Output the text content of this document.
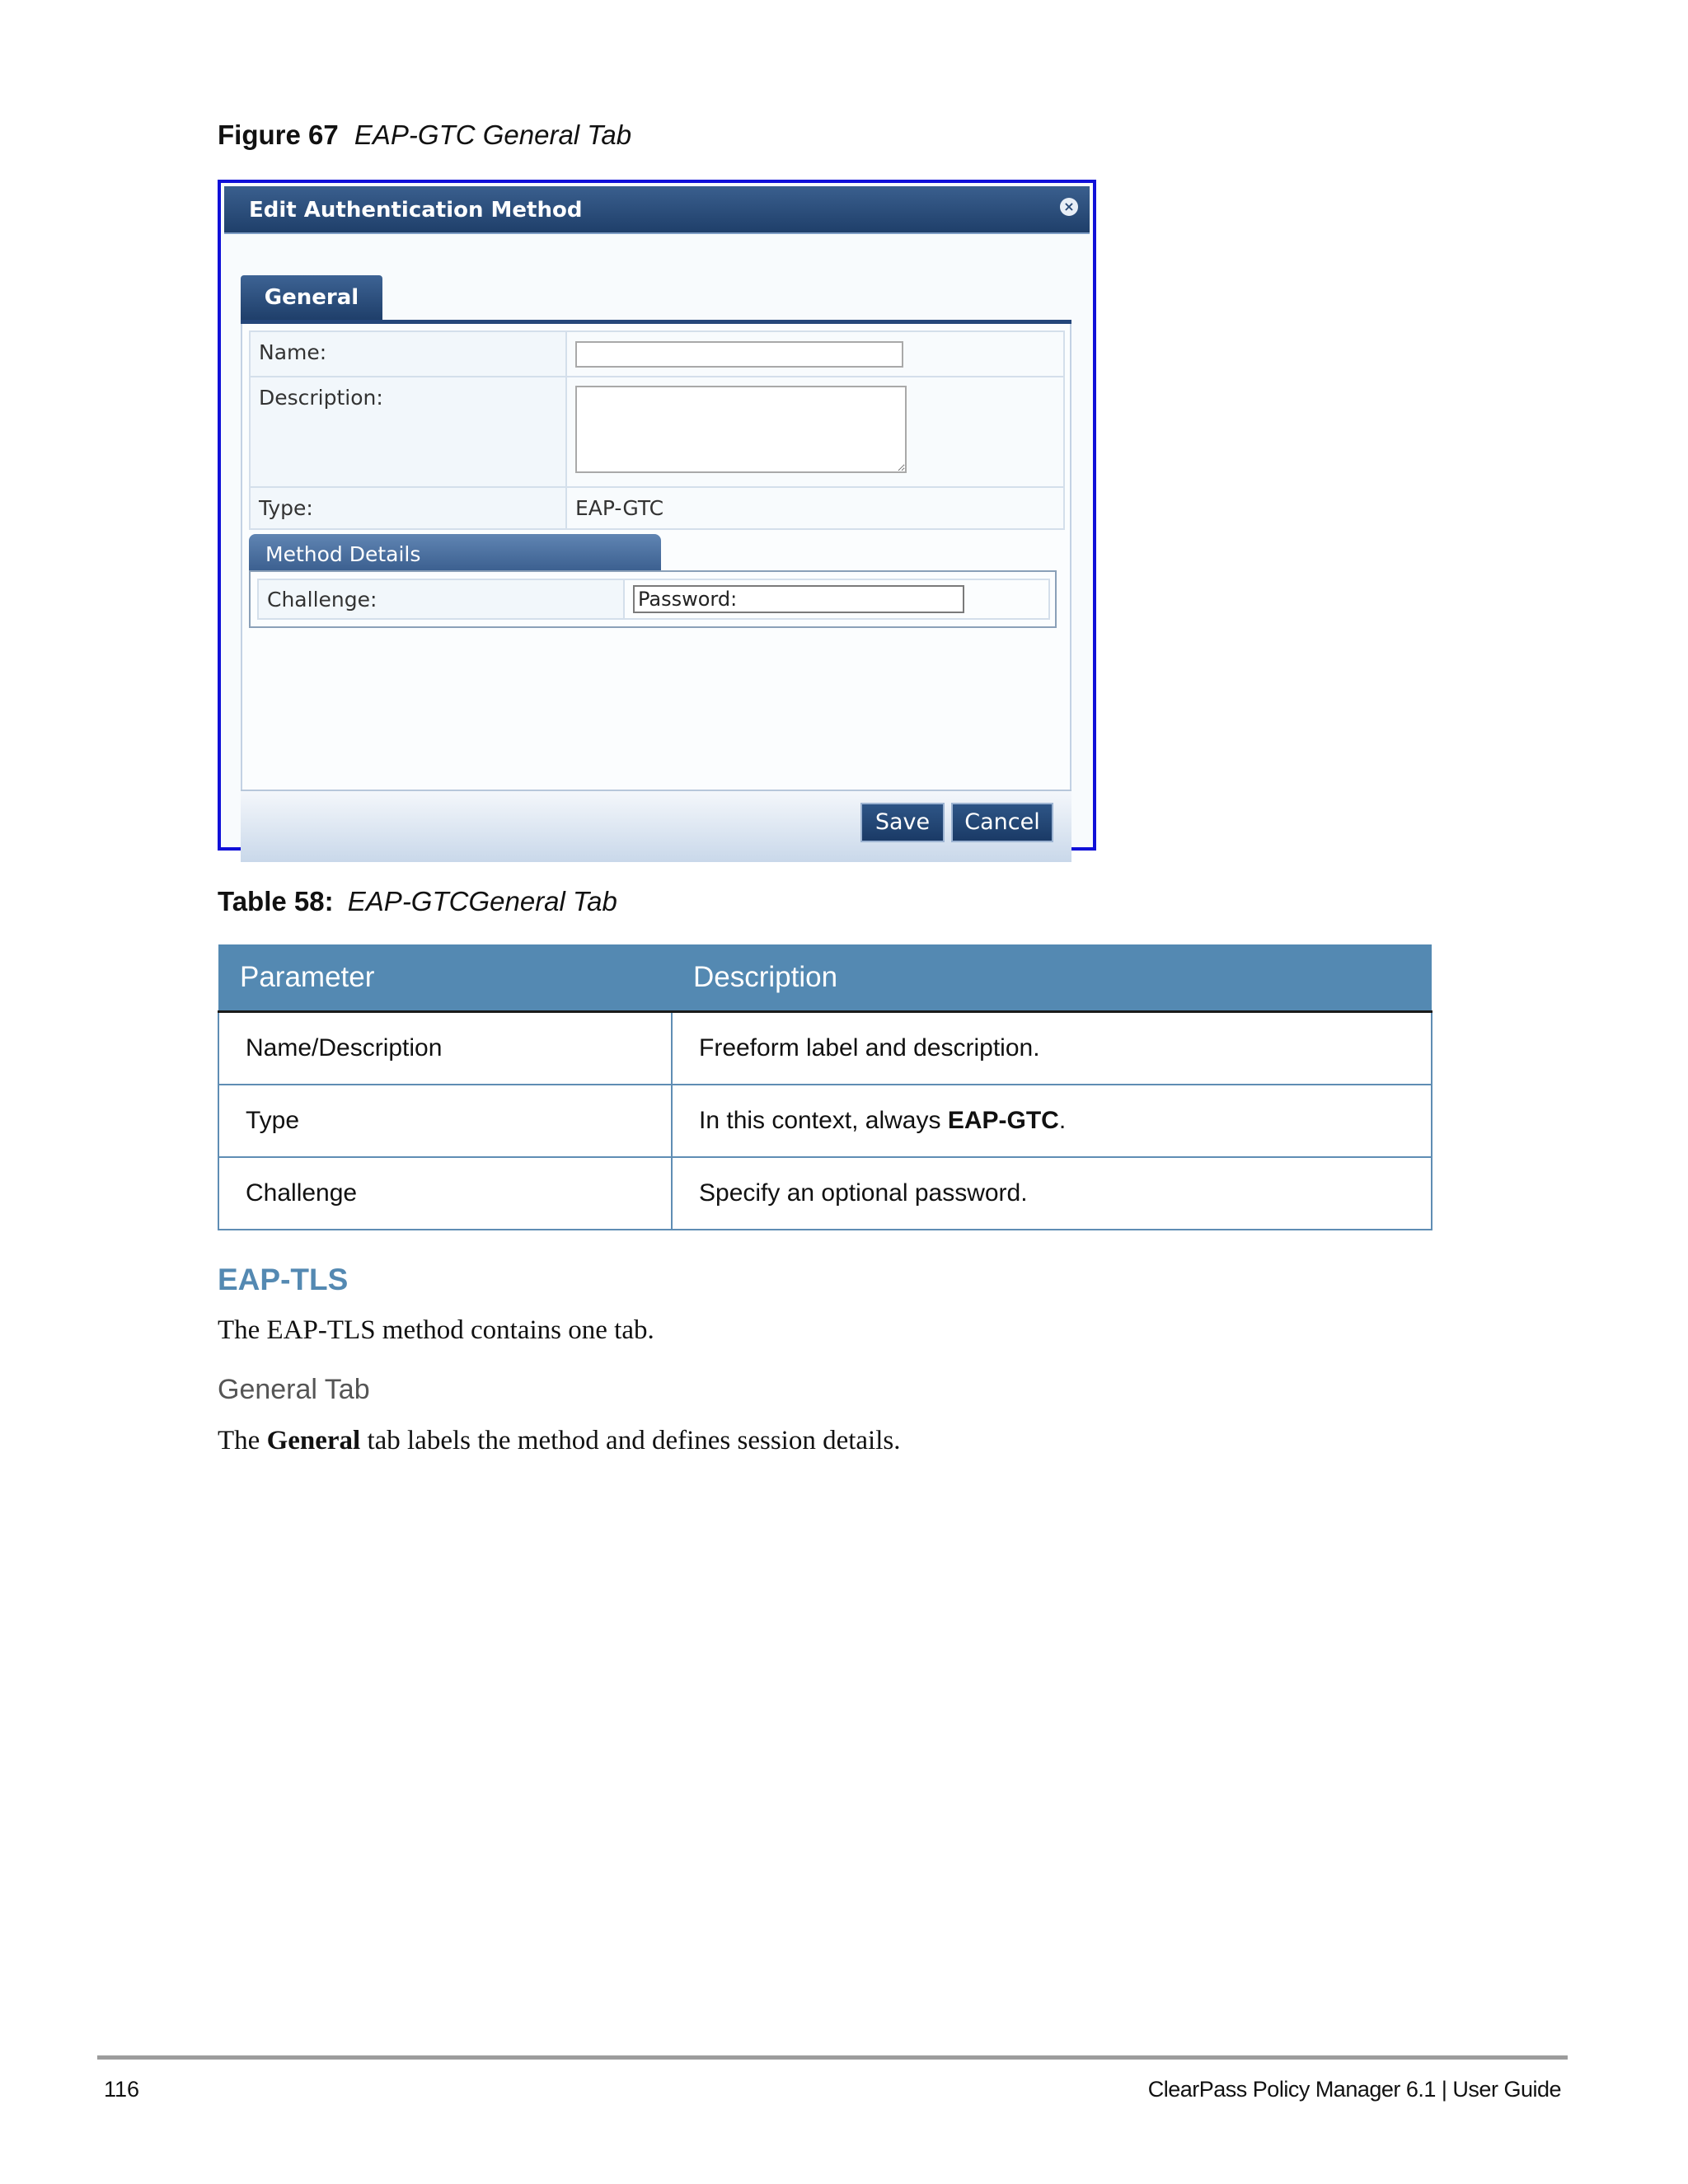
Figure 67 EAP-GTC General Tab
Edit Authentication Method	×
General
Name:	
Description:	
Type:	EAP-GTC
Method Details
Challenge:	Password:
Save	Cancel
Table 58: EAP-GTCGeneral Tab
Parameter	Description
Name/Description	Freeform label and description.
Type	In this context, always EAP-GTC.
Challenge	Specify an optional password.
EAP-TLS
The EAP-TLS method contains one tab.
General Tab
The General tab labels the method and defines session details.
116	ClearPass Policy Manager 6.1 | User Guide
